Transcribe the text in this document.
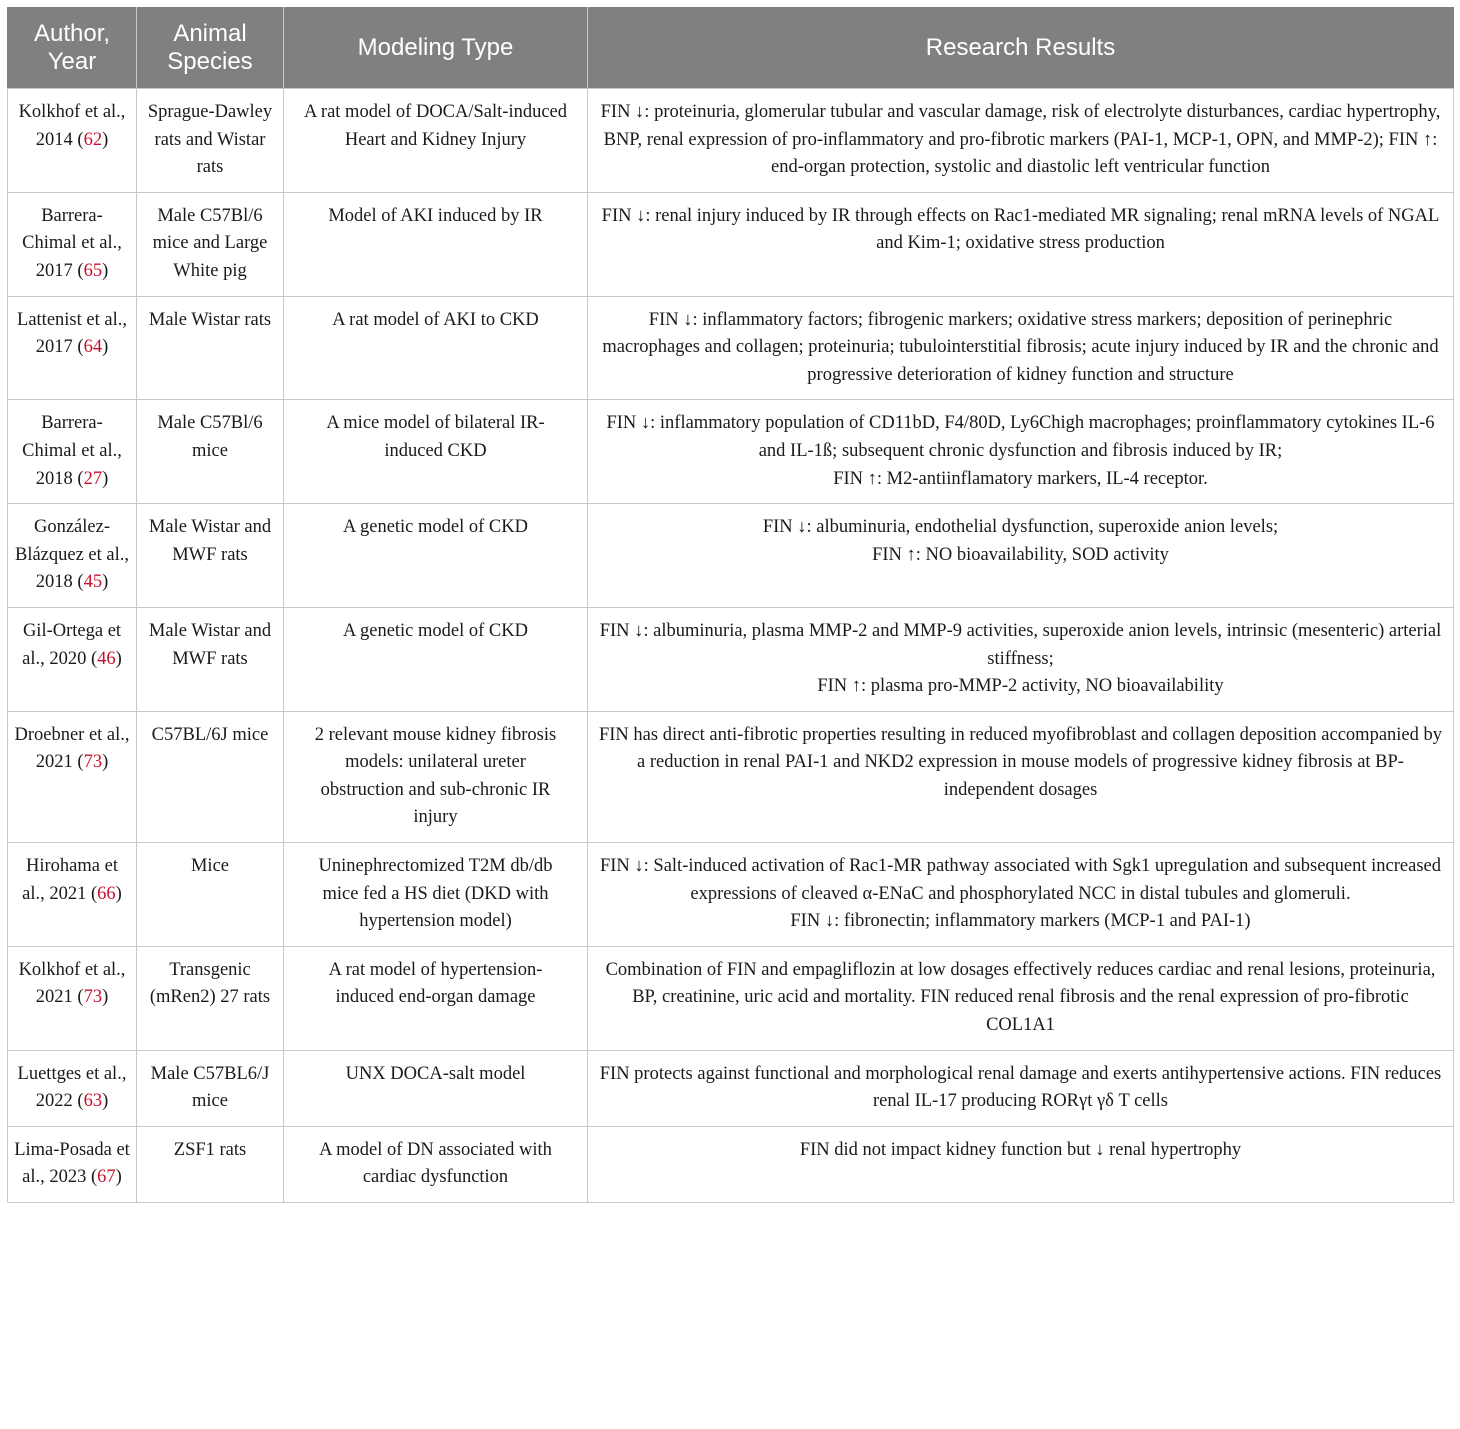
Author, Year	Animal Species	Modeling Type	Research Results
Kolkhof et al., 2014 (62)	Sprague-Dawley rats and Wistar rats	A rat model of DOCA/Salt-induced Heart and Kidney Injury	FIN ↓: proteinuria, glomerular tubular and vascular damage, risk of electrolyte disturbances, cardiac hypertrophy, BNP, renal expression of pro-inflammatory and pro-fibrotic markers (PAI-1, MCP-1, OPN, and MMP-2); FIN ↑: end-organ protection, systolic and diastolic left ventricular function

Barrera-Chimal et al., 2017 (65)	Male C57Bl/6 mice and Large White pig	Model of AKI induced by IR	FIN ↓: renal injury induced by IR through effects on Rac1-mediated MR signaling; renal mRNA levels of NGAL and Kim-1; oxidative stress production

Lattenist et al., 2017 (64)	Male Wistar rats	A rat model of AKI to CKD	FIN ↓: inflammatory factors; fibrogenic markers; oxidative stress markers; deposition of perinephric macrophages and collagen; proteinuria; tubulointerstitial fibrosis; acute injury induced by IR and the chronic and progressive deterioration of kidney function and structure

Barrera-Chimal et al., 2018 (27)	Male C57Bl/6 mice	A mice model of bilateral IR-induced CKD	FIN ↓: inflammatory population of CD11bD, F4/80D, Ly6Chigh macrophages; proinflammatory cytokines IL-6 and IL-1ß; subsequent chronic dysfunction and fibrosis induced by IR;
FIN ↑: M2-antiinflamatory markers, IL-4 receptor.

González-Blázquez et al., 2018 (45)	Male Wistar and MWF rats	A genetic model of CKD	FIN ↓: albuminuria, endothelial dysfunction, superoxide anion levels;
FIN ↑: NO bioavailability, SOD activity

Gil-Ortega et al., 2020 (46)	Male Wistar and MWF rats	A genetic model of CKD	FIN ↓: albuminuria, plasma MMP-2 and MMP-9 activities, superoxide anion levels, intrinsic (mesenteric) arterial stiffness;
FIN ↑: plasma pro-MMP-2 activity, NO bioavailability

Droebner et al., 2021 (73)	C57BL/6J mice	2 relevant mouse kidney fibrosis models: unilateral ureter obstruction and sub-chronic IR injury	FIN has direct anti-fibrotic properties resulting in reduced myofibroblast and collagen deposition accompanied by a reduction in renal PAI-1 and NKD2 expression in mouse models of progressive kidney fibrosis at BP-independent dosages

Hirohama et al., 2021 (66)	Mice	Uninephrectomized T2M db/db mice fed a HS diet (DKD with hypertension model)	FIN ↓: Salt-induced activation of Rac1-MR pathway associated with Sgk1 upregulation and subsequent increased expressions of cleaved α-ENaC and phosphorylated NCC in distal tubules and glomeruli.
FIN ↓: fibronectin; inflammatory markers (MCP-1 and PAI-1)

Kolkhof et al., 2021 (73)	Transgenic (mRen2) 27 rats	A rat model of hypertension-induced end-organ damage	Combination of FIN and empagliflozin at low dosages effectively reduces cardiac and renal lesions, proteinuria, BP, creatinine, uric acid and mortality. FIN reduced renal fibrosis and the renal expression of pro-fibrotic COL1A1

Luettges et al., 2022 (63)	Male C57BL6/J mice	UNX DOCA-salt model	FIN protects against functional and morphological renal damage and exerts antihypertensive actions. FIN reduces renal IL-17 producing RORγt γδ T cells

Lima-Posada et al., 2023 (67)	ZSF1 rats	A model of DN associated with cardiac dysfunction	FIN did not impact kidney function but ↓ renal hypertrophy
